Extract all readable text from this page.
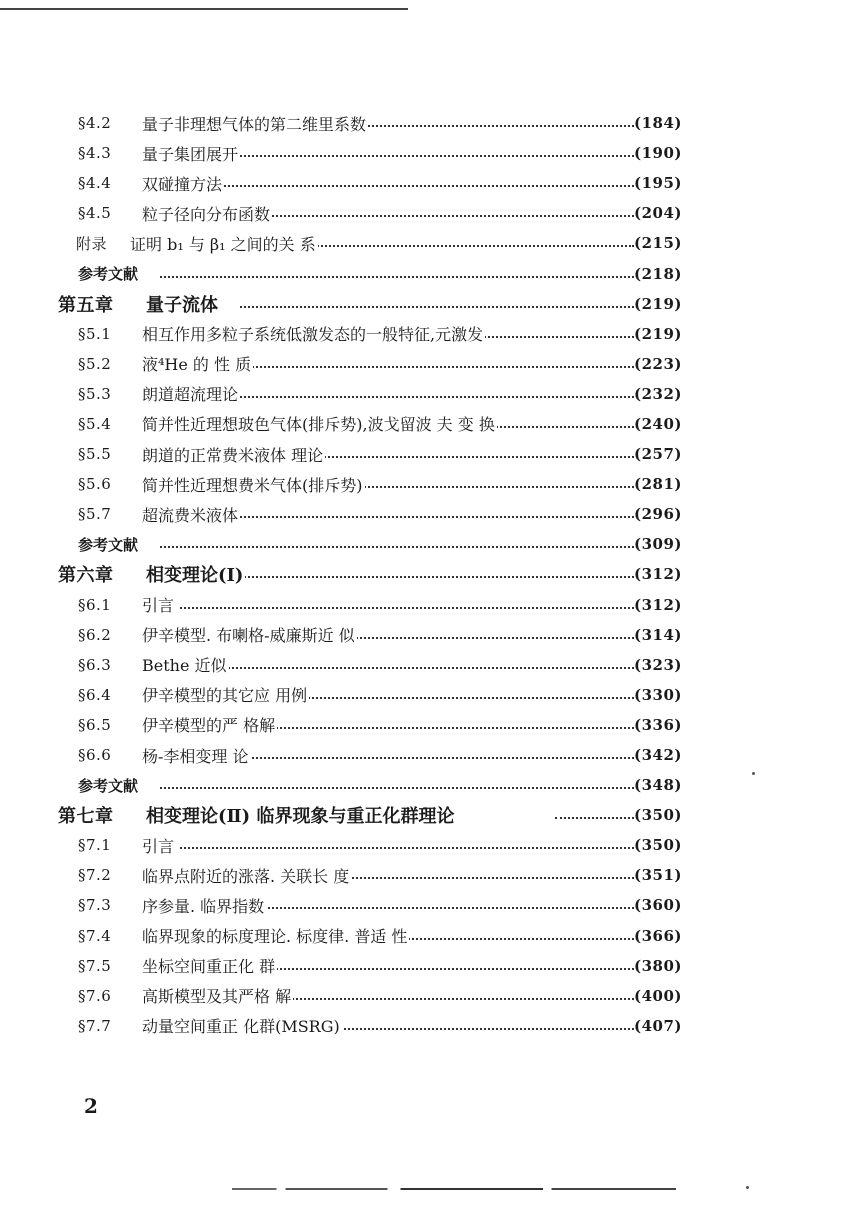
§4.2	量子非理想气体的第二维里系数	(184)
§4.3	量子集团展开	(190)
§4.4	双碰撞方法	(195)
§4.5	粒子径向分布函数	(204)
附录	证明 b₁ 与 β₁ 之间的关 系	(215)
参考文献	(218)
第五章	量子流体	(219)
§5.1	相互作用多粒子系统低激发态的一般特征,元激发	(219)
§5.2	液⁴He 的 性 质	(223)
§5.3	朗道超流理论	(232)
§5.4	简并性近理想玻色气体(排斥势),波戈留波 夫 变 换	(240)
§5.5	朗道的正常费米液体 理论	(257)
§5.6	简并性近理想费米气体(排斥势)	(281)
§5.7	超流费米液体	(296)
参考文献	(309)
第六章	相变理论(Ⅰ)	(312)
§6.1	引言	(312)
§6.2	伊辛模型. 布喇格-威廉斯近 似	(314)
§6.3	Bethe 近似	(323)
§6.4	伊辛模型的其它应 用例	(330)
§6.5	伊辛模型的严 格解	(336)
§6.6	杨-李相变理 论	(342)
参考文献	(348)
第七章	相变理论(Ⅱ) 临界现象与重正化群理论	(350)
§7.1	引言	(350)
§7.2	临界点附近的涨落. 关联长 度	(351)
§7.3	序参量. 临界指数	(360)
§7.4	临界现象的标度理论. 标度律. 普适 性	(366)
§7.5	坐标空间重正化 群	(380)
§7.6	高斯模型及其严格 解	(400)
§7.7	动量空间重正 化群(MSRG)	(407)
2
